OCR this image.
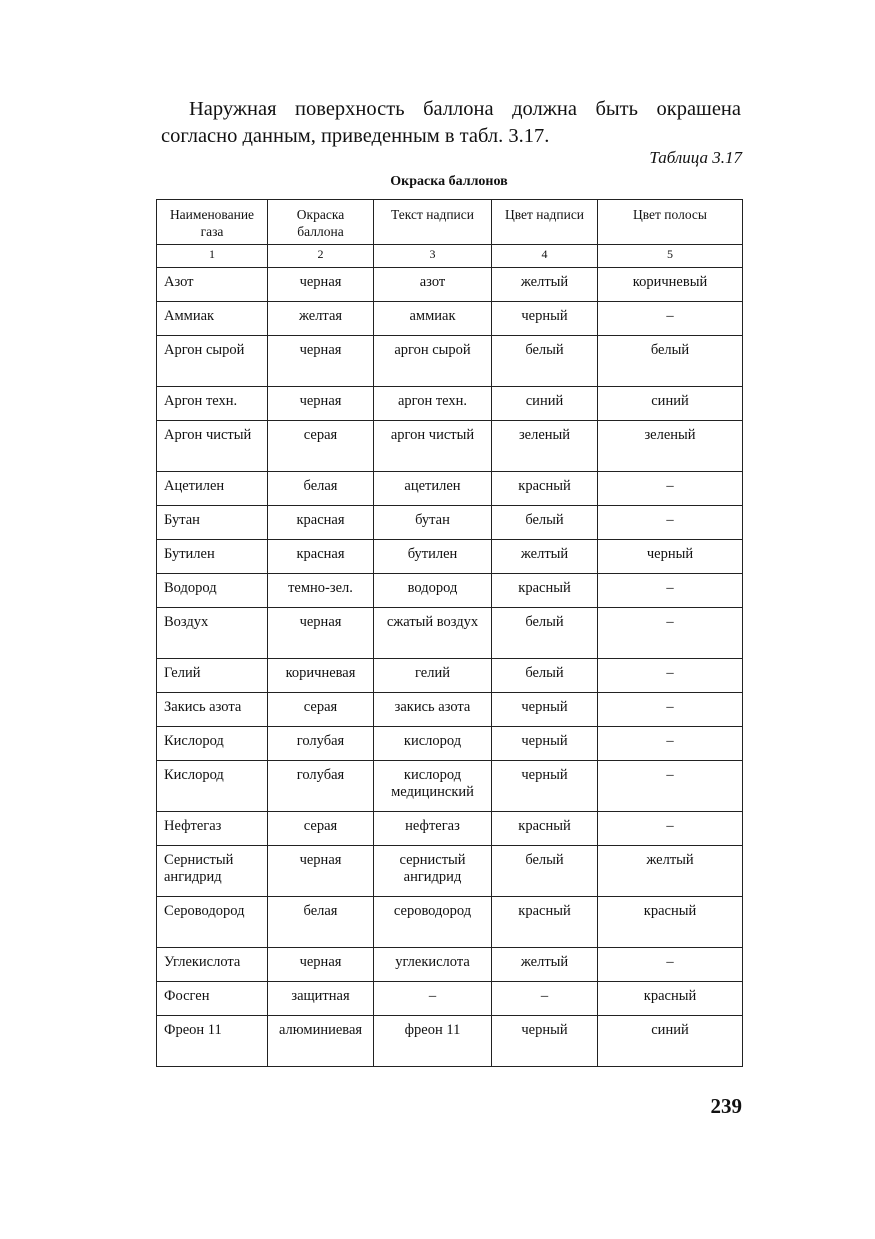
Наружная поверхность баллона должна быть окрашена согласно данным, приведенным в табл. 3.17.
Таблица 3.17
Окраска баллонов
Наименование газа	Окраска баллона	Текст надписи	Цвет надписи	Цвет полосы
1	2	3	4	5
Азот	черная	азот	желтый	коричневый
Аммиак	желтая	аммиак	черный	–
Аргон сырой	черная	аргон сырой	белый	белый
Аргон техн.	черная	аргон техн.	синий	синий
Аргон чистый	серая	аргон чистый	зеленый	зеленый
Ацетилен	белая	ацетилен	красный	–
Бутан	красная	бутан	белый	–
Бутилен	красная	бутилен	желтый	черный
Водород	темно-зел.	водород	красный	–
Воздух	черная	сжатый воздух	белый	–
Гелий	коричневая	гелий	белый	–
Закись азота	серая	закись азота	черный	–
Кислород	голубая	кислород	черный	–
Кислород	голубая	кислород медицинский	черный	–
Нефтегаз	серая	нефтегаз	красный	–
Сернистый ангидрид	черная	сернистый ангидрид	белый	желтый
Сероводород	белая	сероводород	красный	красный
Углекислота	черная	углекислота	желтый	–
Фосген	защитная	–	–	красный
Фреон 11	алюминиевая	фреон 11	черный	синий
239
